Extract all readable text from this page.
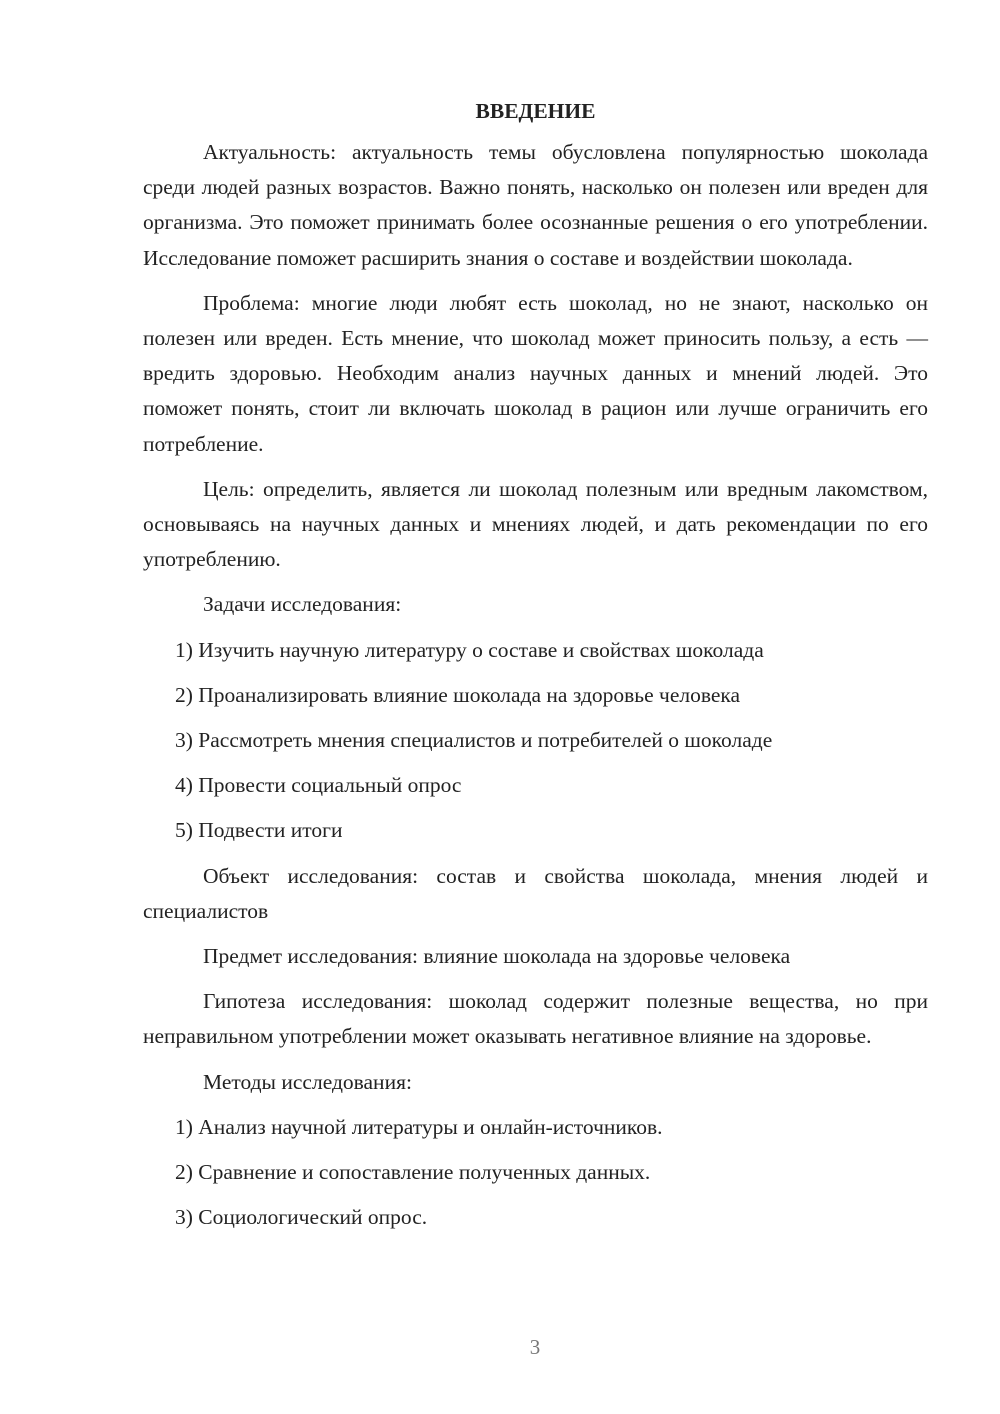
ВВЕДЕНИЕ
Актуальность: актуальность темы обусловлена популярностью шоколада среди людей разных возрастов. Важно понять, насколько он полезен или вреден для организма. Это поможет принимать более осознанные решения о его употреблении. Исследование поможет расширить знания о составе и воздействии шоколада.
Проблема: многие люди любят есть шоколад, но не знают, насколько он полезен или вреден. Есть мнение, что шоколад может приносить пользу, а есть — вредить здоровью. Необходим анализ научных данных и мнений людей. Это поможет понять, стоит ли включать шоколад в рацион или лучше ограничить его потребление.
Цель: определить, является ли шоколад полезным или вредным лакомством, основываясь на научных данных и мнениях людей, и дать рекомендации по его употреблению.
Задачи исследования:
1) Изучить научную литературу о составе и свойствах шоколада
2) Проанализировать влияние шоколада на здоровье человека
3) Рассмотреть мнения специалистов и потребителей о шоколаде
4) Провести социальный опрос
5) Подвести итоги
Объект исследования: состав и свойства шоколада, мнения людей и специалистов
Предмет исследования: влияние шоколада на здоровье человека
Гипотеза исследования: шоколад содержит полезные вещества, но при неправильном употреблении может оказывать негативное влияние на здоровье.
Методы исследования:
1) Анализ научной литературы и онлайн-источников.
2) Сравнение и сопоставление полученных данных.
3) Социологический опрос.
3
